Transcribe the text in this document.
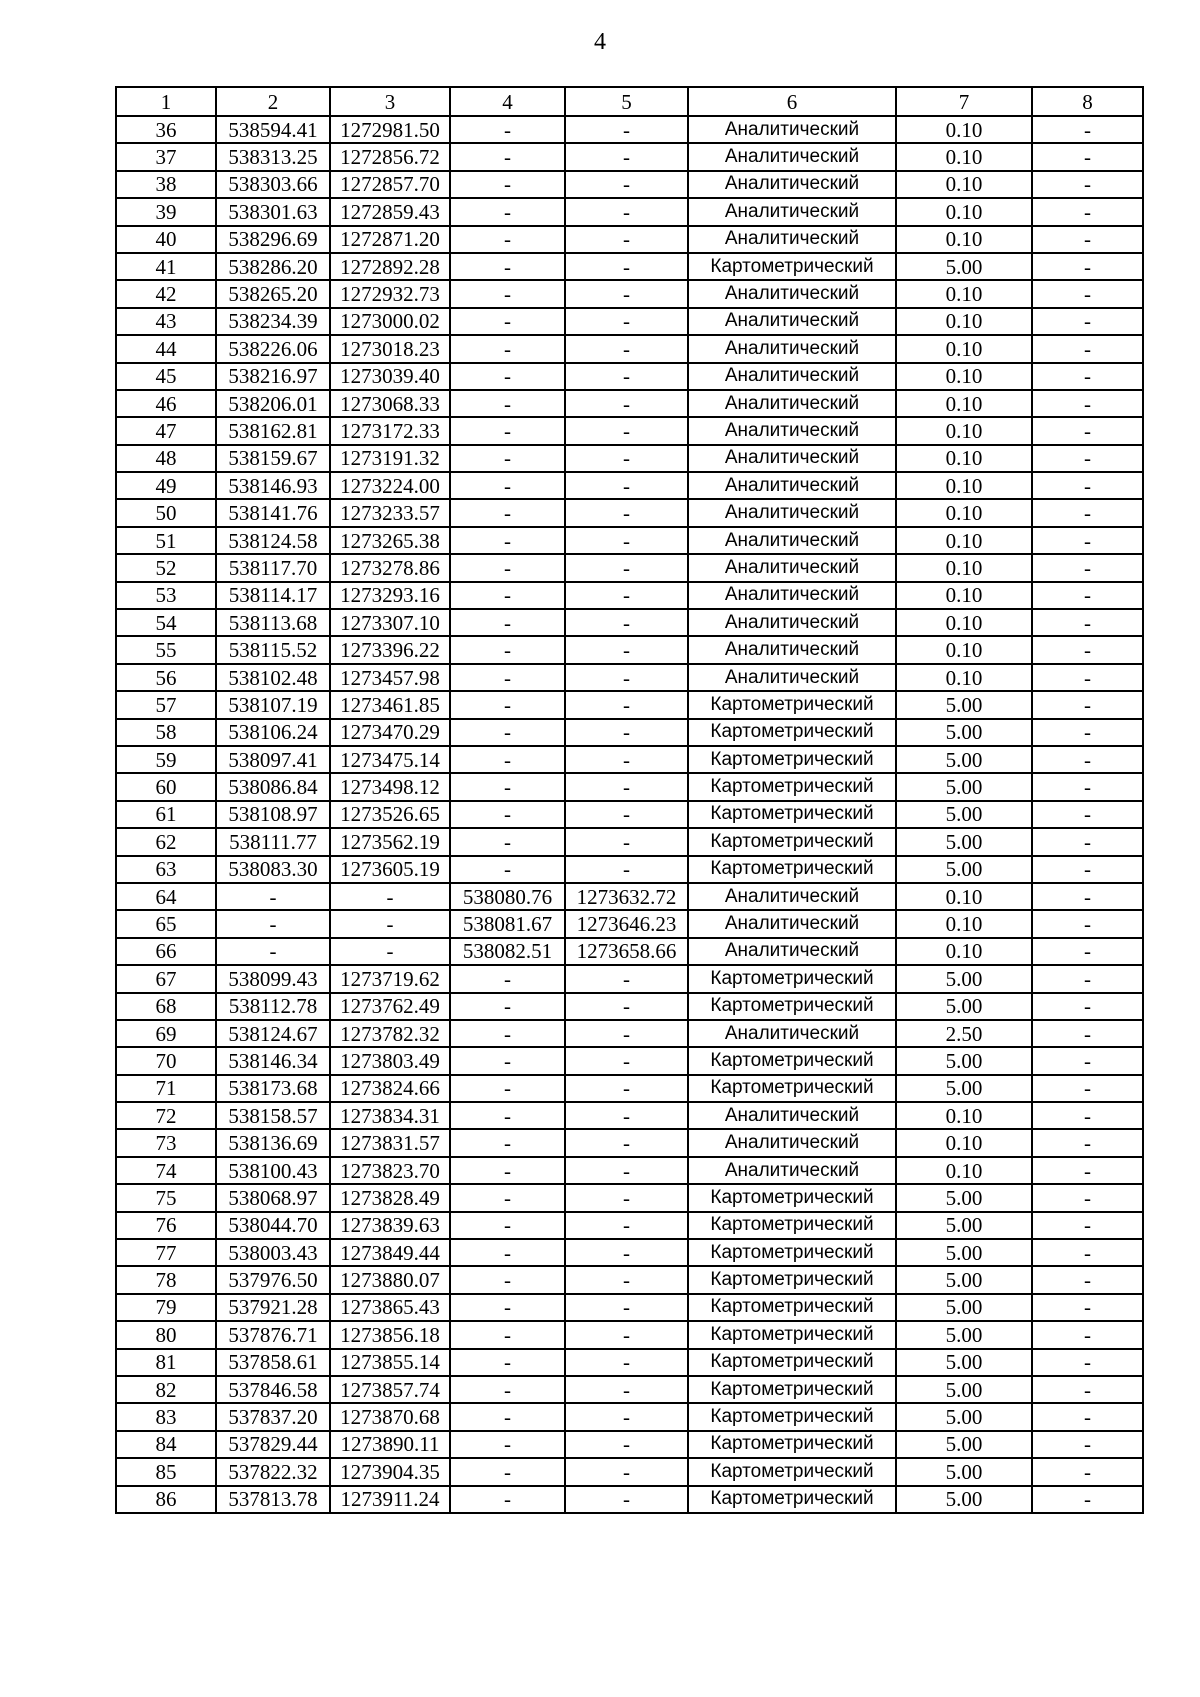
4
1	2	3	4	5	6	7	8
36	538594.41	1272981.50	-	-	Аналитический	0.10	-
37	538313.25	1272856.72	-	-	Аналитический	0.10	-
38	538303.66	1272857.70	-	-	Аналитический	0.10	-
39	538301.63	1272859.43	-	-	Аналитический	0.10	-
40	538296.69	1272871.20	-	-	Аналитический	0.10	-
41	538286.20	1272892.28	-	-	Картометрический	5.00	-
42	538265.20	1272932.73	-	-	Аналитический	0.10	-
43	538234.39	1273000.02	-	-	Аналитический	0.10	-
44	538226.06	1273018.23	-	-	Аналитический	0.10	-
45	538216.97	1273039.40	-	-	Аналитический	0.10	-
46	538206.01	1273068.33	-	-	Аналитический	0.10	-
47	538162.81	1273172.33	-	-	Аналитический	0.10	-
48	538159.67	1273191.32	-	-	Аналитический	0.10	-
49	538146.93	1273224.00	-	-	Аналитический	0.10	-
50	538141.76	1273233.57	-	-	Аналитический	0.10	-
51	538124.58	1273265.38	-	-	Аналитический	0.10	-
52	538117.70	1273278.86	-	-	Аналитический	0.10	-
53	538114.17	1273293.16	-	-	Аналитический	0.10	-
54	538113.68	1273307.10	-	-	Аналитический	0.10	-
55	538115.52	1273396.22	-	-	Аналитический	0.10	-
56	538102.48	1273457.98	-	-	Аналитический	0.10	-
57	538107.19	1273461.85	-	-	Картометрический	5.00	-
58	538106.24	1273470.29	-	-	Картометрический	5.00	-
59	538097.41	1273475.14	-	-	Картометрический	5.00	-
60	538086.84	1273498.12	-	-	Картометрический	5.00	-
61	538108.97	1273526.65	-	-	Картометрический	5.00	-
62	538111.77	1273562.19	-	-	Картометрический	5.00	-
63	538083.30	1273605.19	-	-	Картометрический	5.00	-
64	-	-	538080.76	1273632.72	Аналитический	0.10	-
65	-	-	538081.67	1273646.23	Аналитический	0.10	-
66	-	-	538082.51	1273658.66	Аналитический	0.10	-
67	538099.43	1273719.62	-	-	Картометрический	5.00	-
68	538112.78	1273762.49	-	-	Картометрический	5.00	-
69	538124.67	1273782.32	-	-	Аналитический	2.50	-
70	538146.34	1273803.49	-	-	Картометрический	5.00	-
71	538173.68	1273824.66	-	-	Картометрический	5.00	-
72	538158.57	1273834.31	-	-	Аналитический	0.10	-
73	538136.69	1273831.57	-	-	Аналитический	0.10	-
74	538100.43	1273823.70	-	-	Аналитический	0.10	-
75	538068.97	1273828.49	-	-	Картометрический	5.00	-
76	538044.70	1273839.63	-	-	Картометрический	5.00	-
77	538003.43	1273849.44	-	-	Картометрический	5.00	-
78	537976.50	1273880.07	-	-	Картометрический	5.00	-
79	537921.28	1273865.43	-	-	Картометрический	5.00	-
80	537876.71	1273856.18	-	-	Картометрический	5.00	-
81	537858.61	1273855.14	-	-	Картометрический	5.00	-
82	537846.58	1273857.74	-	-	Картометрический	5.00	-
83	537837.20	1273870.68	-	-	Картометрический	5.00	-
84	537829.44	1273890.11	-	-	Картометрический	5.00	-
85	537822.32	1273904.35	-	-	Картометрический	5.00	-
86	537813.78	1273911.24	-	-	Картометрический	5.00	-
